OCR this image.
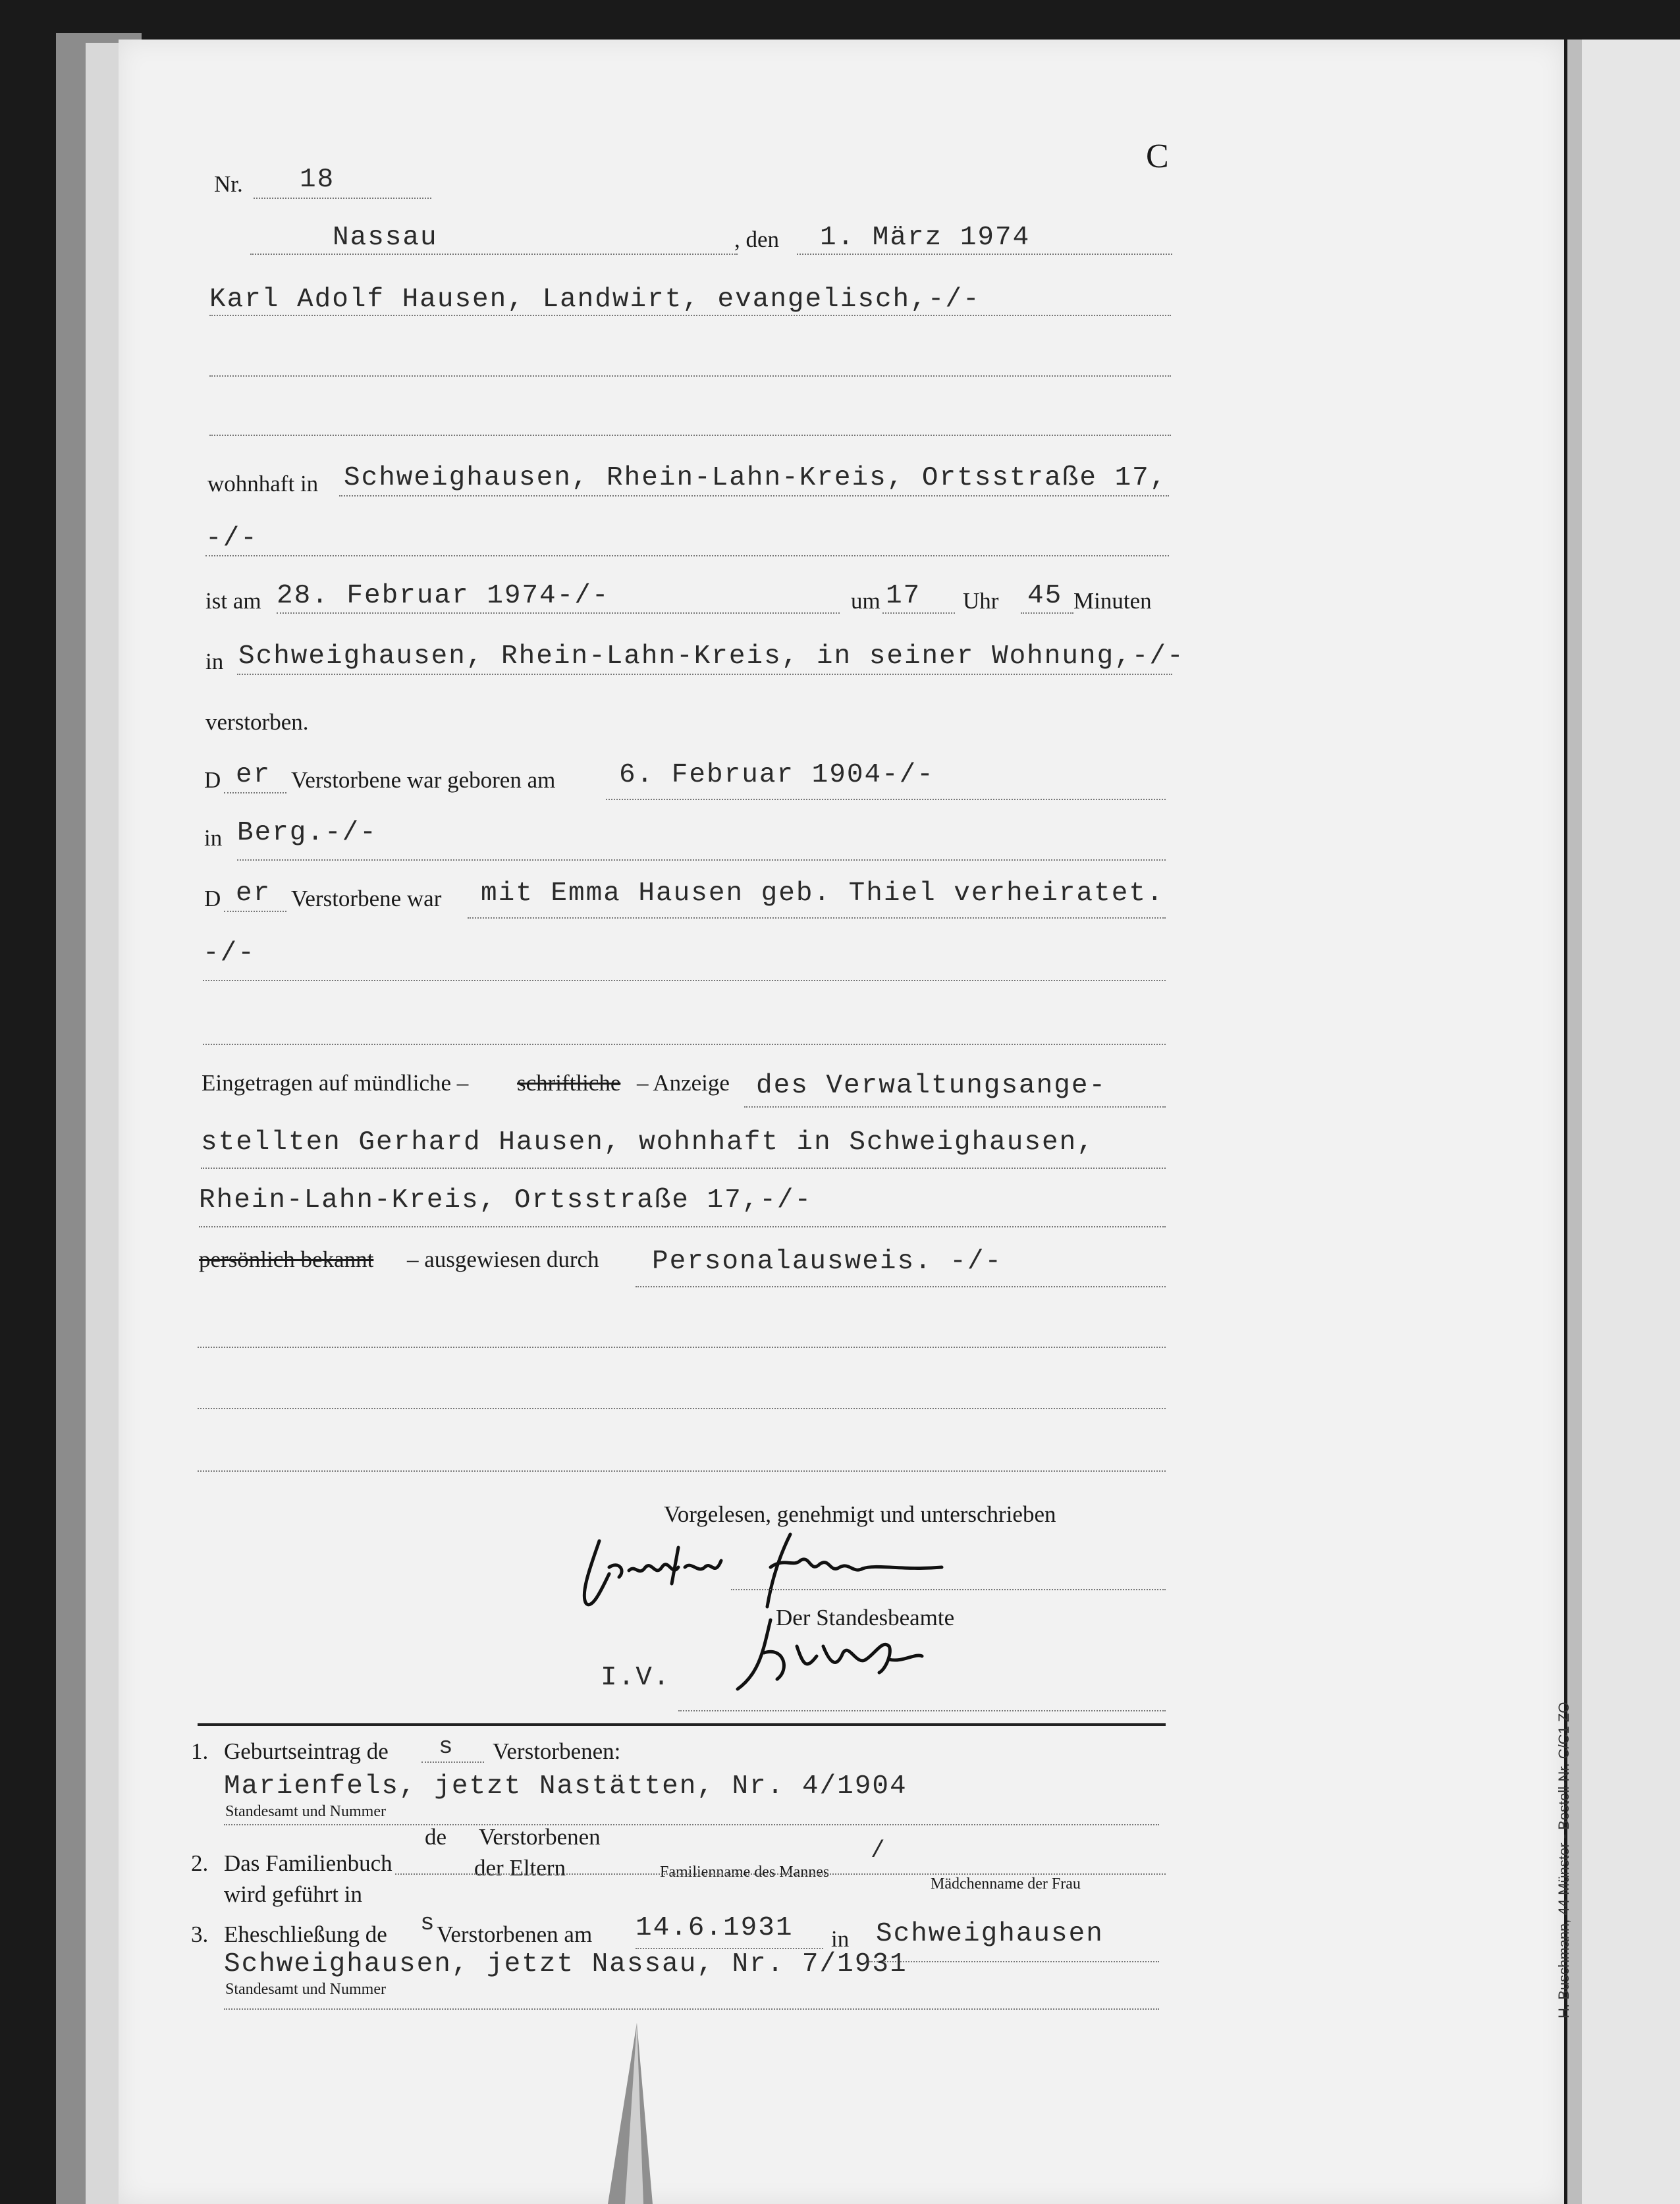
C
Nr. 18
Nassau	, den 1. März 1974
Karl Adolf Hausen, Landwirt, evangelisch,-/-
wohnhaft in Schweighausen, Rhein-Lahn-Kreis, Ortsstraße 17,
-/-
ist am 28. Februar 1974-/-	um 17 Uhr 45 Minuten
in Schweighausen, Rhein-Lahn-Kreis, in seiner Wohnung,-/-
verstorben.
D er Verstorbene war geboren am 6. Februar 1904-/-
in Berg.-/-
D er Verstorbene war mit Emma Hausen geb. Thiel verheiratet.
-/-
Eingetragen auf mündliche – schriftliche – Anzeige des Verwaltungsange-
stellten Gerhard Hausen, wohnhaft in Schweighausen,
Rhein-Lahn-Kreis, Ortsstraße 17,-/-
persönlich bekannt – ausgewiesen durch Personalausweis. -/-
Vorgelesen, genehmigt und unterschrieben
Der Standesbeamte
I.V.
1. Geburtseintrag de s Verstorbenen:
Marienfels, jetzt Nastätten, Nr. 4/1904
Standesamt und Nummer
2. Das Familienbuch
de Verstorbenen
der Eltern
wird geführt in
Familienname des Mannes
/
Mädchenname der Frau
3. Eheschließung de s Verstorbenen am 14.6.1931 in Schweighausen
Schweighausen, jetzt Nassau, Nr. 7/1931
Standesamt und Nummer	H. Buschmann, 44 Münster - Bestell-Nr. C/C1 ZO
